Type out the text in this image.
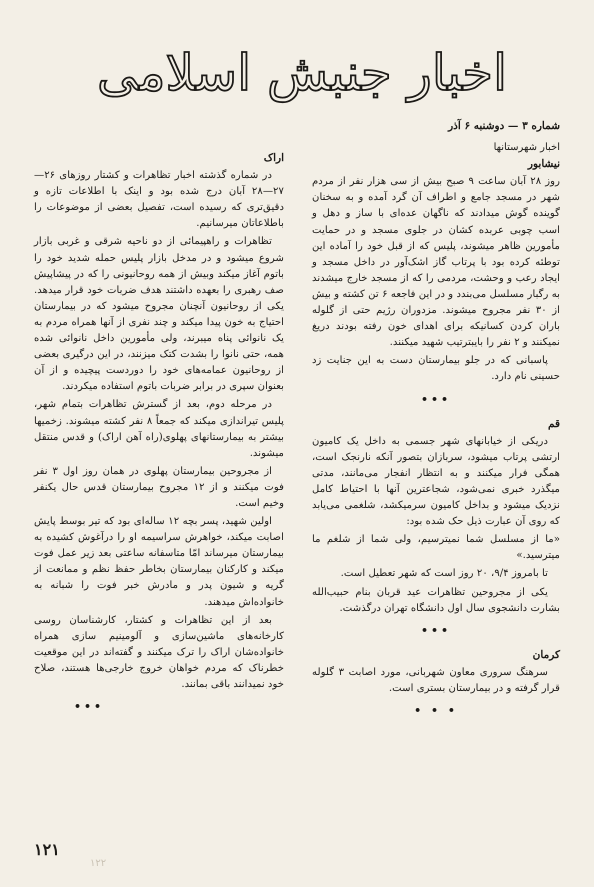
اخبار جنبش اسلامی

شماره ۳ — دوشنبه ۶ آذر

اخبار شهرستانها

نیشابور

روز ۲۸ آبان ساعت ۹ صبح بیش از سی هزار نفر از مردم شهر در مسجد جامع و اطراف آن گرد آمده و به سخنان گوینده گوش میدادند که ناگهان عده‌ای با ساز و دهل و اسب چوبی عربده کشان در جلوی مسجد و در حمایت مأمورین ظاهر میشوند، پلیس که از قبل خود را آماده این توطئه کرده بود با پرتاب گاز اشک‌آور در داخل مسجد و ایجاد رعب و وحشت، مردمی را که از مسجد خارج میشدند به رگبار مسلسل می‌بندد و در این فاجعه ۶ تن کشته و بیش از ۳۰ نفر مجروح میشوند. مزدوران رژیم حتی از گلوله باران کردن کسانیکه برای اهدای خون رفته بودند دریغ نمیکنند و ۲ نفر را بایبترتیب شهید میکنند.

پاسبانی که در جلو بیمارستان دست به این جنایت زد حسینی نام دارد.

•••

قم

دریکی از خیابانهای شهر جسمی به داخل یک کامیون ارتشی پرتاب میشود، سربازان بتصور آنکه نارنجک است، همگی فرار میکنند و به انتظار انفجار می‌مانند، مدتی میگذرد خبری نمی‌شود، شجاعترین آنها با احتیاط کامل نزدیک میشود و بداخل کامیون سرمیکشد، شلغمی می‌یابد که روی آن عبارت ذیل حک شده بود:

«ما از مسلسل شما نمیترسیم، ولی شما از شلغم ما میترسید.»

تا بامروز ۹/۴، ۲۰ روز است که شهر تعطیل است.

یکی از مجروحین تظاهرات عید قربان بنام حبیب‌الله بشارت دانشجوی سال اول دانشگاه تهران درگذشت.

•••

کرمان

سرهنگ سروری معاون شهربانی، مورد اصابت ۳ گلوله قرار گرفته و در بیمارستان بستری است.

• • •

اراک

در شماره گذشته اخبار تظاهرات و کشتار روزهای ۲۶—۲۷—۲۸ آبان درج شده بود و اینک با اطلاعات تازه و دقیق‌تری که رسیده است، تفصیل بعضی از موضوعات را باطلاعاتان میرسانیم.

تظاهرات و راهپیمائی از دو ناحیه شرقی و غربی بازار شروع میشود و در مدخل بازار پلیس حمله شدید خود را باتوم آغاز میکند وبیش از همه روحانیونی را که در پیشاپیش صف رهبری را بعهده داشتند هدف ضربات خود قرار میدهد. یکی از روحانیون آنچنان مجروح میشود که در بیمارستان احتیاج به خون پیدا میکند و چند نفری از آنها همراه مردم به یک نانوائی پناه میبرند، ولی مأمورین داخل نانوائی شده همه، حتی نانوا را بشدت کتک میزنند، در این درگیری بعضی از روحانیون عمامه‌های خود را دوردست پیچیده و از آن بعنوان سپری در برابر ضربات باتوم استفاده میکردند.

در مرحله دوم، بعد از گسترش تظاهرات بتمام شهر، پلیس تیراندازی میکند که جمعاً ۸ نفر کشته میشوند. زخمیها بیشتر به بیمارستانهای پهلوی(راه آهن اراک) و قدس منتقل میشوند.

از مجروحین بیمارستان پهلوی در همان روز اول ۳ نفر فوت میکنند و از ۱۲ مجروح بیمارستان قدس حال یکنفر وخیم است.

اولین شهید، پسر بچه ۱۲ ساله‌ای بود که تیر بوسط پایش اصابت میکند، خواهرش سراسیمه او را درآغوش کشیده به بیمارستان میرساند امّا متاسفانه ساعتی بعد زیر عمل فوت میکند و کارکنان بیمارستان بخاطر حفظ نظم و ممانعت از گریه و شیون پدر و مادرش خبر فوت را شبانه به خانواده‌اش میدهند.

بعد از این تظاهرات و کشتار، کارشناسان روسی کارخانه‌های ماشین‌سازی و آلومینیم سازی همراه خانواده‌شان اراک را ترک میکنند و گفته‌اند در این موقعیت خطرناک که مردم خواهان خروج خارجی‌ها هستند، صلاح خود نمیدانند باقی بمانند.

•••

۱۲۱
۱۲۲
